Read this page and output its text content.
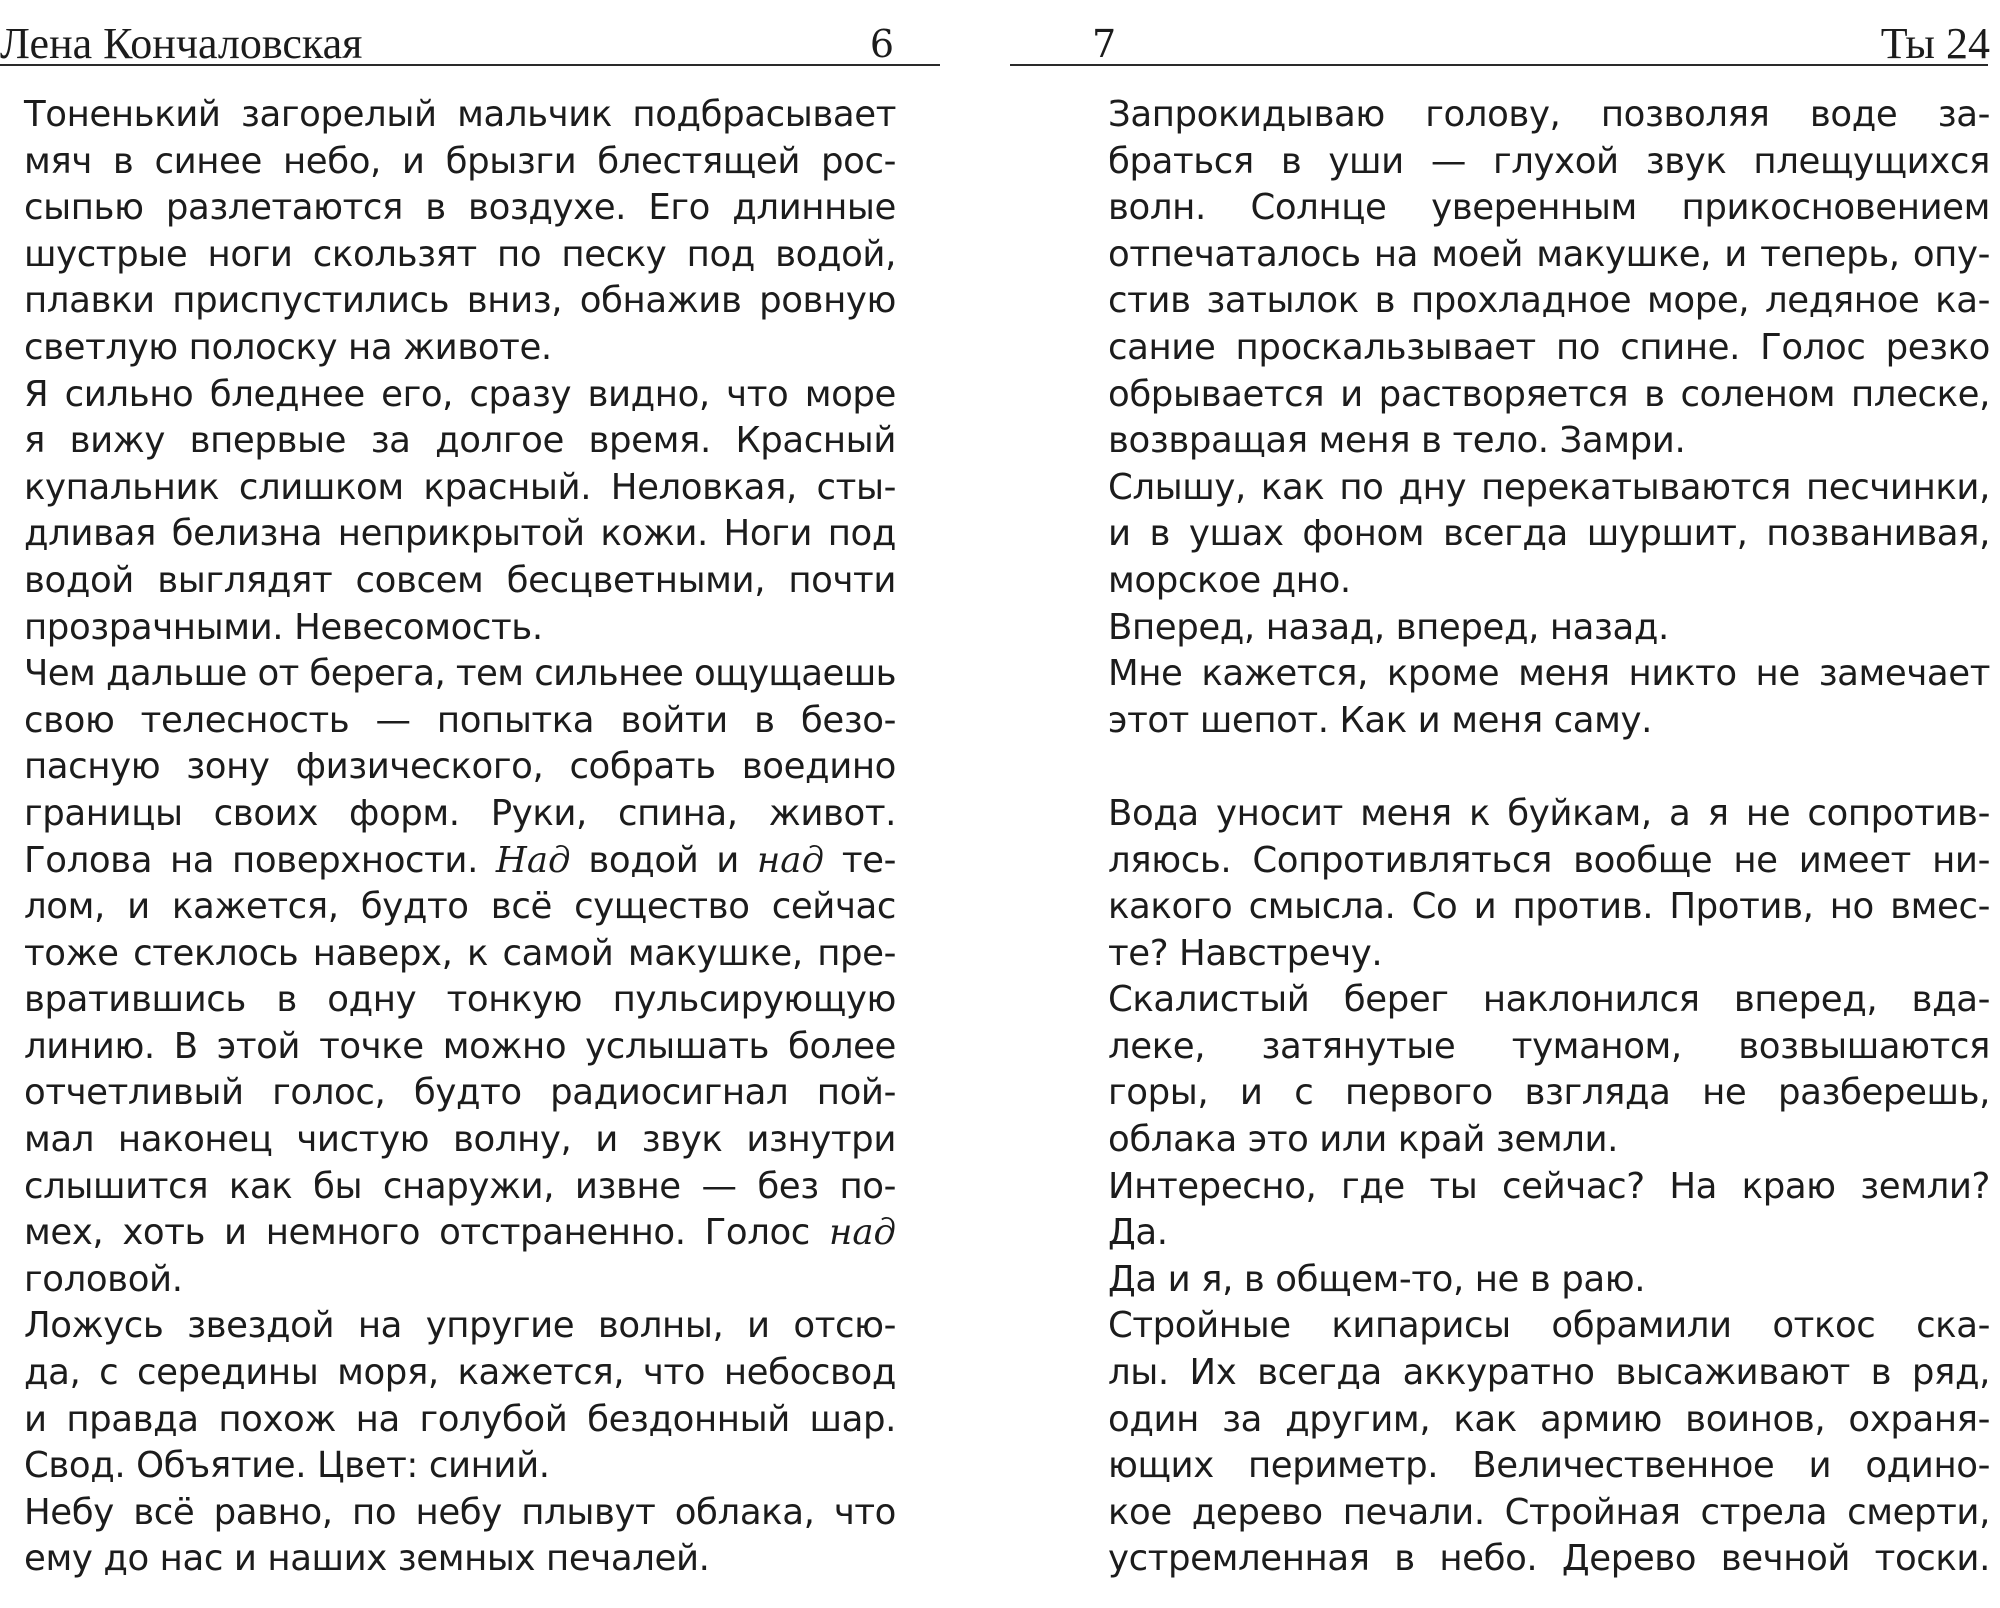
Лена Кончаловская	6
Тоненький загорелый мальчик подбрасывает
мяч в синее небо, и брызги блестящей рос-
сыпью разлетаются в воздухе. Его длинные
шустрые ноги скользят по песку под водой,
плавки приспустились вниз, обнажив ровную
светлую полоску на животе.
Я сильно бледнее его, сразу видно, что море
я вижу впервые за долгое время. Красный
купальник слишком красный. Неловкая, сты-
дливая белизна неприкрытой кожи. Ноги под
водой выглядят совсем бесцветными, почти
прозрачными. Невесомость.
Чем дальше от берега, тем сильнее ощущаешь
свою телесность — попытка войти в безо-
пасную зону физического, собрать воедино
границы своих форм. Руки, спина, живот.
Голова на поверхности. Над водой и над те-
лом, и кажется, будто всё существо сейчас
тоже стеклось наверх, к самой макушке, пре-
вратившись в одну тонкую пульсирующую
линию. В этой точке можно услышать более
отчетливый голос, будто радиосигнал пой-
мал наконец чистую волну, и звук изнутри
слышится как бы снаружи, извне — без по-
мех, хоть и немного отстраненно. Голос над
головой.
Ложусь звездой на упругие волны, и отсю-
да, с середины моря, кажется, что небосвод
и правда похож на голубой бездонный шар.
Свод. Объятие. Цвет: синий.
Небу всё равно, по небу плывут облака, что
ему до нас и наших земных печалей.
7	Ты 24
Запрокидываю голову, позволяя воде за-
браться в уши — глухой звук плещущихся
волн. Солнце уверенным прикосновением
отпечаталось на моей макушке, и теперь, опу-
стив затылок в прохладное море, ледяное ка-
сание проскальзывает по спине. Голос резко
обрывается и растворяется в соленом плеске,
возвращая меня в тело. Замри.
Слышу, как по дну перекатываются песчинки,
и в ушах фоном всегда шуршит, позванивая,
морское дно.
Вперед, назад, вперед, назад.
Мне кажется, кроме меня никто не замечает
этот шепот. Как и меня саму.
Вода уносит меня к буйкам, а я не сопротив-
ляюсь. Сопротивляться вообще не имеет ни-
какого смысла. Со и против. Против, но вмес-
те? Навстречу.
Скалистый берег наклонился вперед, вда-
леке, затянутые туманом, возвышаются
горы, и с первого взгляда не разберешь,
облака это или край земли.
Интересно, где ты сейчас? На краю земли?
Да.
Да и я, в общем-то, не в раю.
Стройные кипарисы обрамили откос ска-
лы. Их всегда аккуратно высаживают в ряд,
один за другим, как армию воинов, охраня-
ющих периметр. Величественное и одино-
кое дерево печали. Стройная стрела смерти,
устремленная в небо. Дерево вечной тоски.
